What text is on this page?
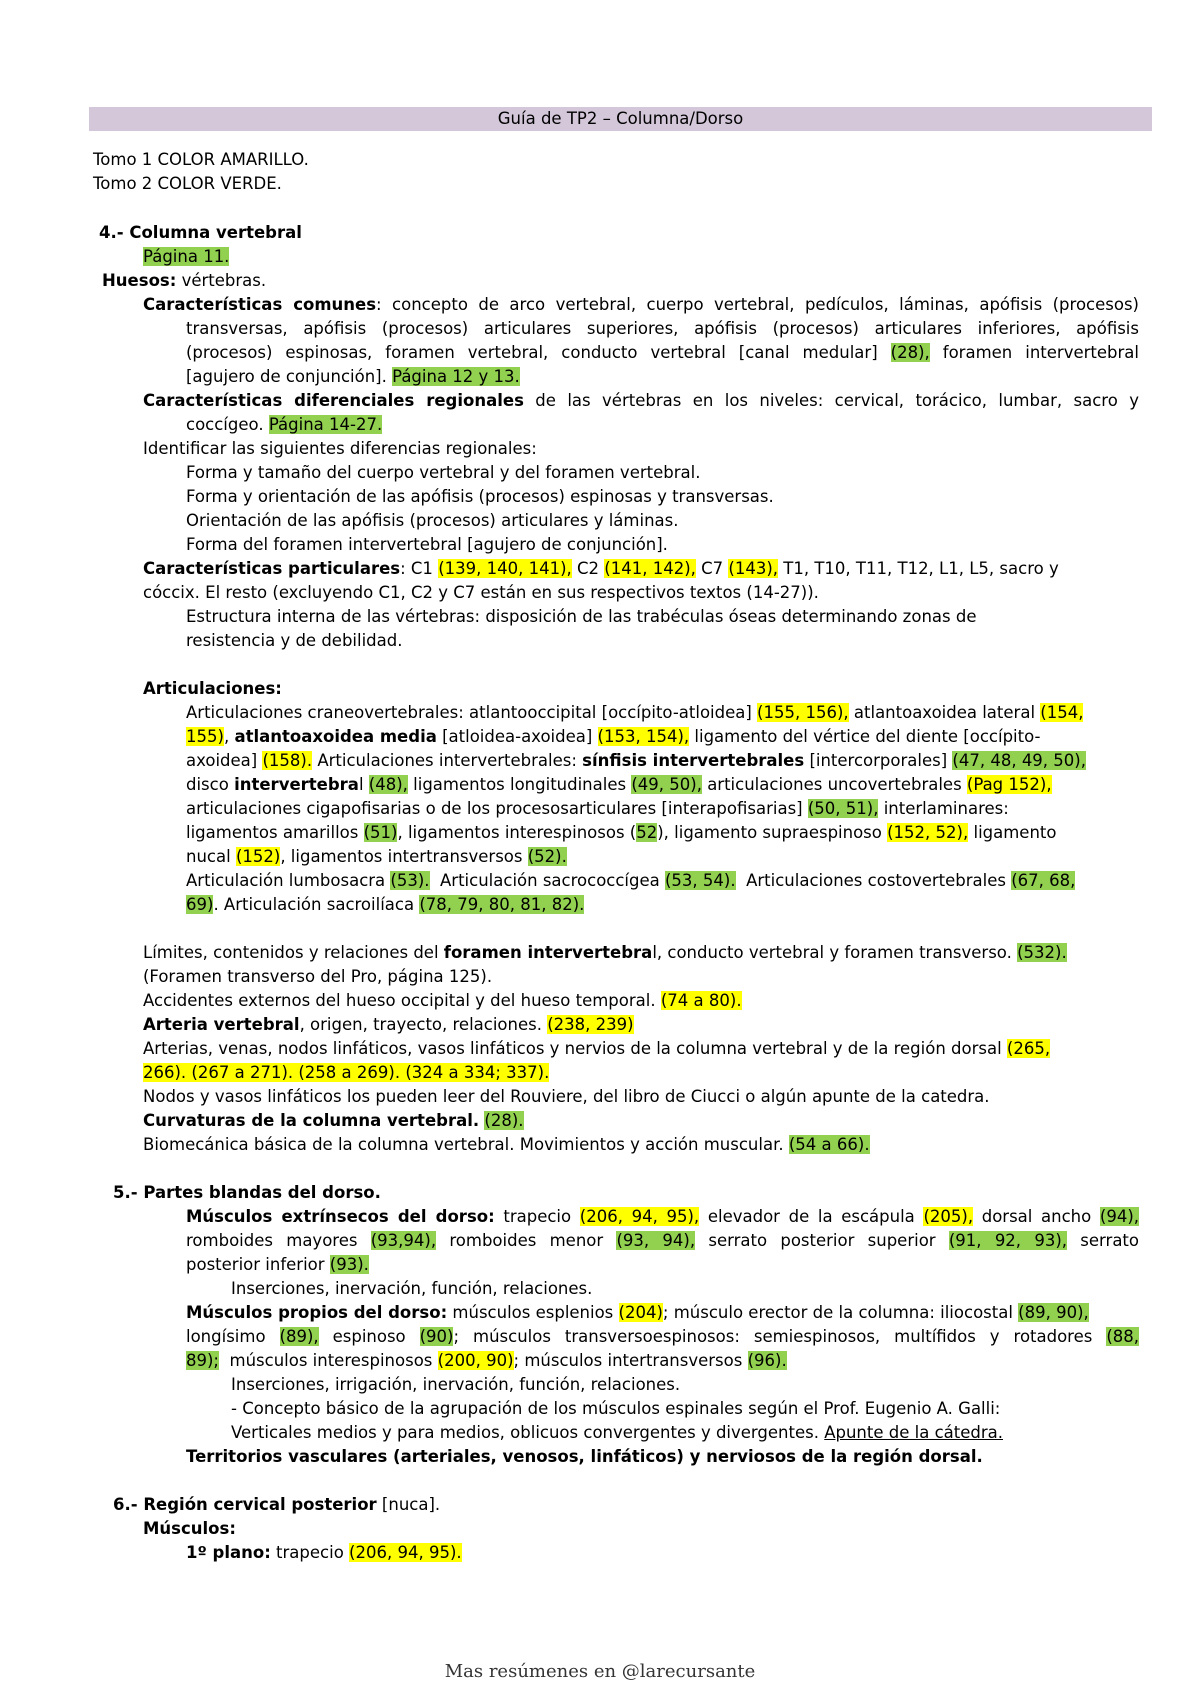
Guía de TP2 – Columna/Dorso
Mas resúmenes en @larecursante
Tomo 1 COLOR AMARILLO.
Tomo 2 COLOR VERDE.
4.- Columna vertebral
Página 11.
Huesos: vértebras.
Características comunes: concepto de arco vertebral, cuerpo vertebral, pedículos, láminas, apófisis (procesos)
transversas, apófisis (procesos) articulares superiores, apófisis (procesos) articulares inferiores, apófisis
(procesos) espinosas, foramen vertebral, conducto vertebral [canal medular] (28), foramen intervertebral
[agujero de conjunción]. Página 12 y 13.
Características diferenciales regionales de las vértebras en los niveles: cervical, torácico, lumbar, sacro y
coccígeo. Página 14-27.
Identificar las siguientes diferencias regionales:
Forma y tamaño del cuerpo vertebral y del foramen vertebral.
Forma y orientación de las apófisis (procesos) espinosas y transversas.
Orientación de las apófisis (procesos) articulares y láminas.
Forma del foramen intervertebral [agujero de conjunción].
Características particulares: C1 (139, 140, 141), C2 (141, 142), C7 (143), T1, T10, T11, T12, L1, L5, sacro y
cóccix. El resto (excluyendo C1, C2 y C7 están en sus respectivos textos (14-27)).
Estructura interna de las vértebras: disposición de las trabéculas óseas determinando zonas de
resistencia y de debilidad.
Articulaciones:
Articulaciones craneovertebrales: atlantooccipital [occípito-atloidea] (155, 156), atlantoaxoidea lateral (154,
155), atlantoaxoidea media [atloidea-axoidea] (153, 154), ligamento del vértice del diente [occípito-
axoidea] (158). Articulaciones intervertebrales: sínfisis intervertebrales [intercorporales] (47, 48, 49, 50),
disco intervertebral (48), ligamentos longitudinales (49, 50), articulaciones uncovertebrales (Pag 152),
articulaciones cigapofisarias o de los procesosarticulares [interapofisarias] (50, 51), interlaminares:
ligamentos amarillos (51), ligamentos interespinosos (52), ligamento supraespinoso (152, 52), ligamento
nucal (152), ligamentos intertransversos (52).
Articulación lumbosacra (53).  Articulación sacrococcígea (53, 54).  Articulaciones costovertebrales (67, 68,
69). Articulación sacroilíaca (78, 79, 80, 81, 82).
Límites, contenidos y relaciones del foramen intervertebral, conducto vertebral y foramen transverso. (532).
(Foramen transverso del Pro, página 125).
Accidentes externos del hueso occipital y del hueso temporal. (74 a 80).
Arteria vertebral, origen, trayecto, relaciones. (238, 239)
Arterias, venas, nodos linfáticos, vasos linfáticos y nervios de la columna vertebral y de la región dorsal (265,
266). (267 a 271). (258 a 269). (324 a 334; 337).
Nodos y vasos linfáticos los pueden leer del Rouviere, del libro de Ciucci o algún apunte de la catedra.
Curvaturas de la columna vertebral. (28).
Biomecánica básica de la columna vertebral. Movimientos y acción muscular. (54 a 66).
5.- Partes blandas del dorso.
Músculos extrínsecos del dorso: trapecio (206, 94, 95), elevador de la escápula (205), dorsal ancho (94),
romboides mayores (93,94), romboides menor (93, 94), serrato posterior superior (91, 92, 93), serrato
posterior inferior (93).
Inserciones, inervación, función, relaciones.
Músculos propios del dorso: músculos esplenios (204); músculo erector de la columna: iliocostal (89, 90),
longísimo (89), espinoso (90); músculos transversoespinosos: semiespinosos, multífidos y rotadores (88,
89);  músculos interespinosos (200, 90); músculos intertransversos (96).
Inserciones, irrigación, inervación, función, relaciones.
- Concepto básico de la agrupación de los músculos espinales según el Prof. Eugenio A. Galli:
Verticales medios y para medios, oblicuos convergentes y divergentes. Apunte de la cátedra.
Territorios vasculares (arteriales, venosos, linfáticos) y nerviosos de la región dorsal.
6.- Región cervical posterior [nuca].
Músculos:
1º plano: trapecio (206, 94, 95).
